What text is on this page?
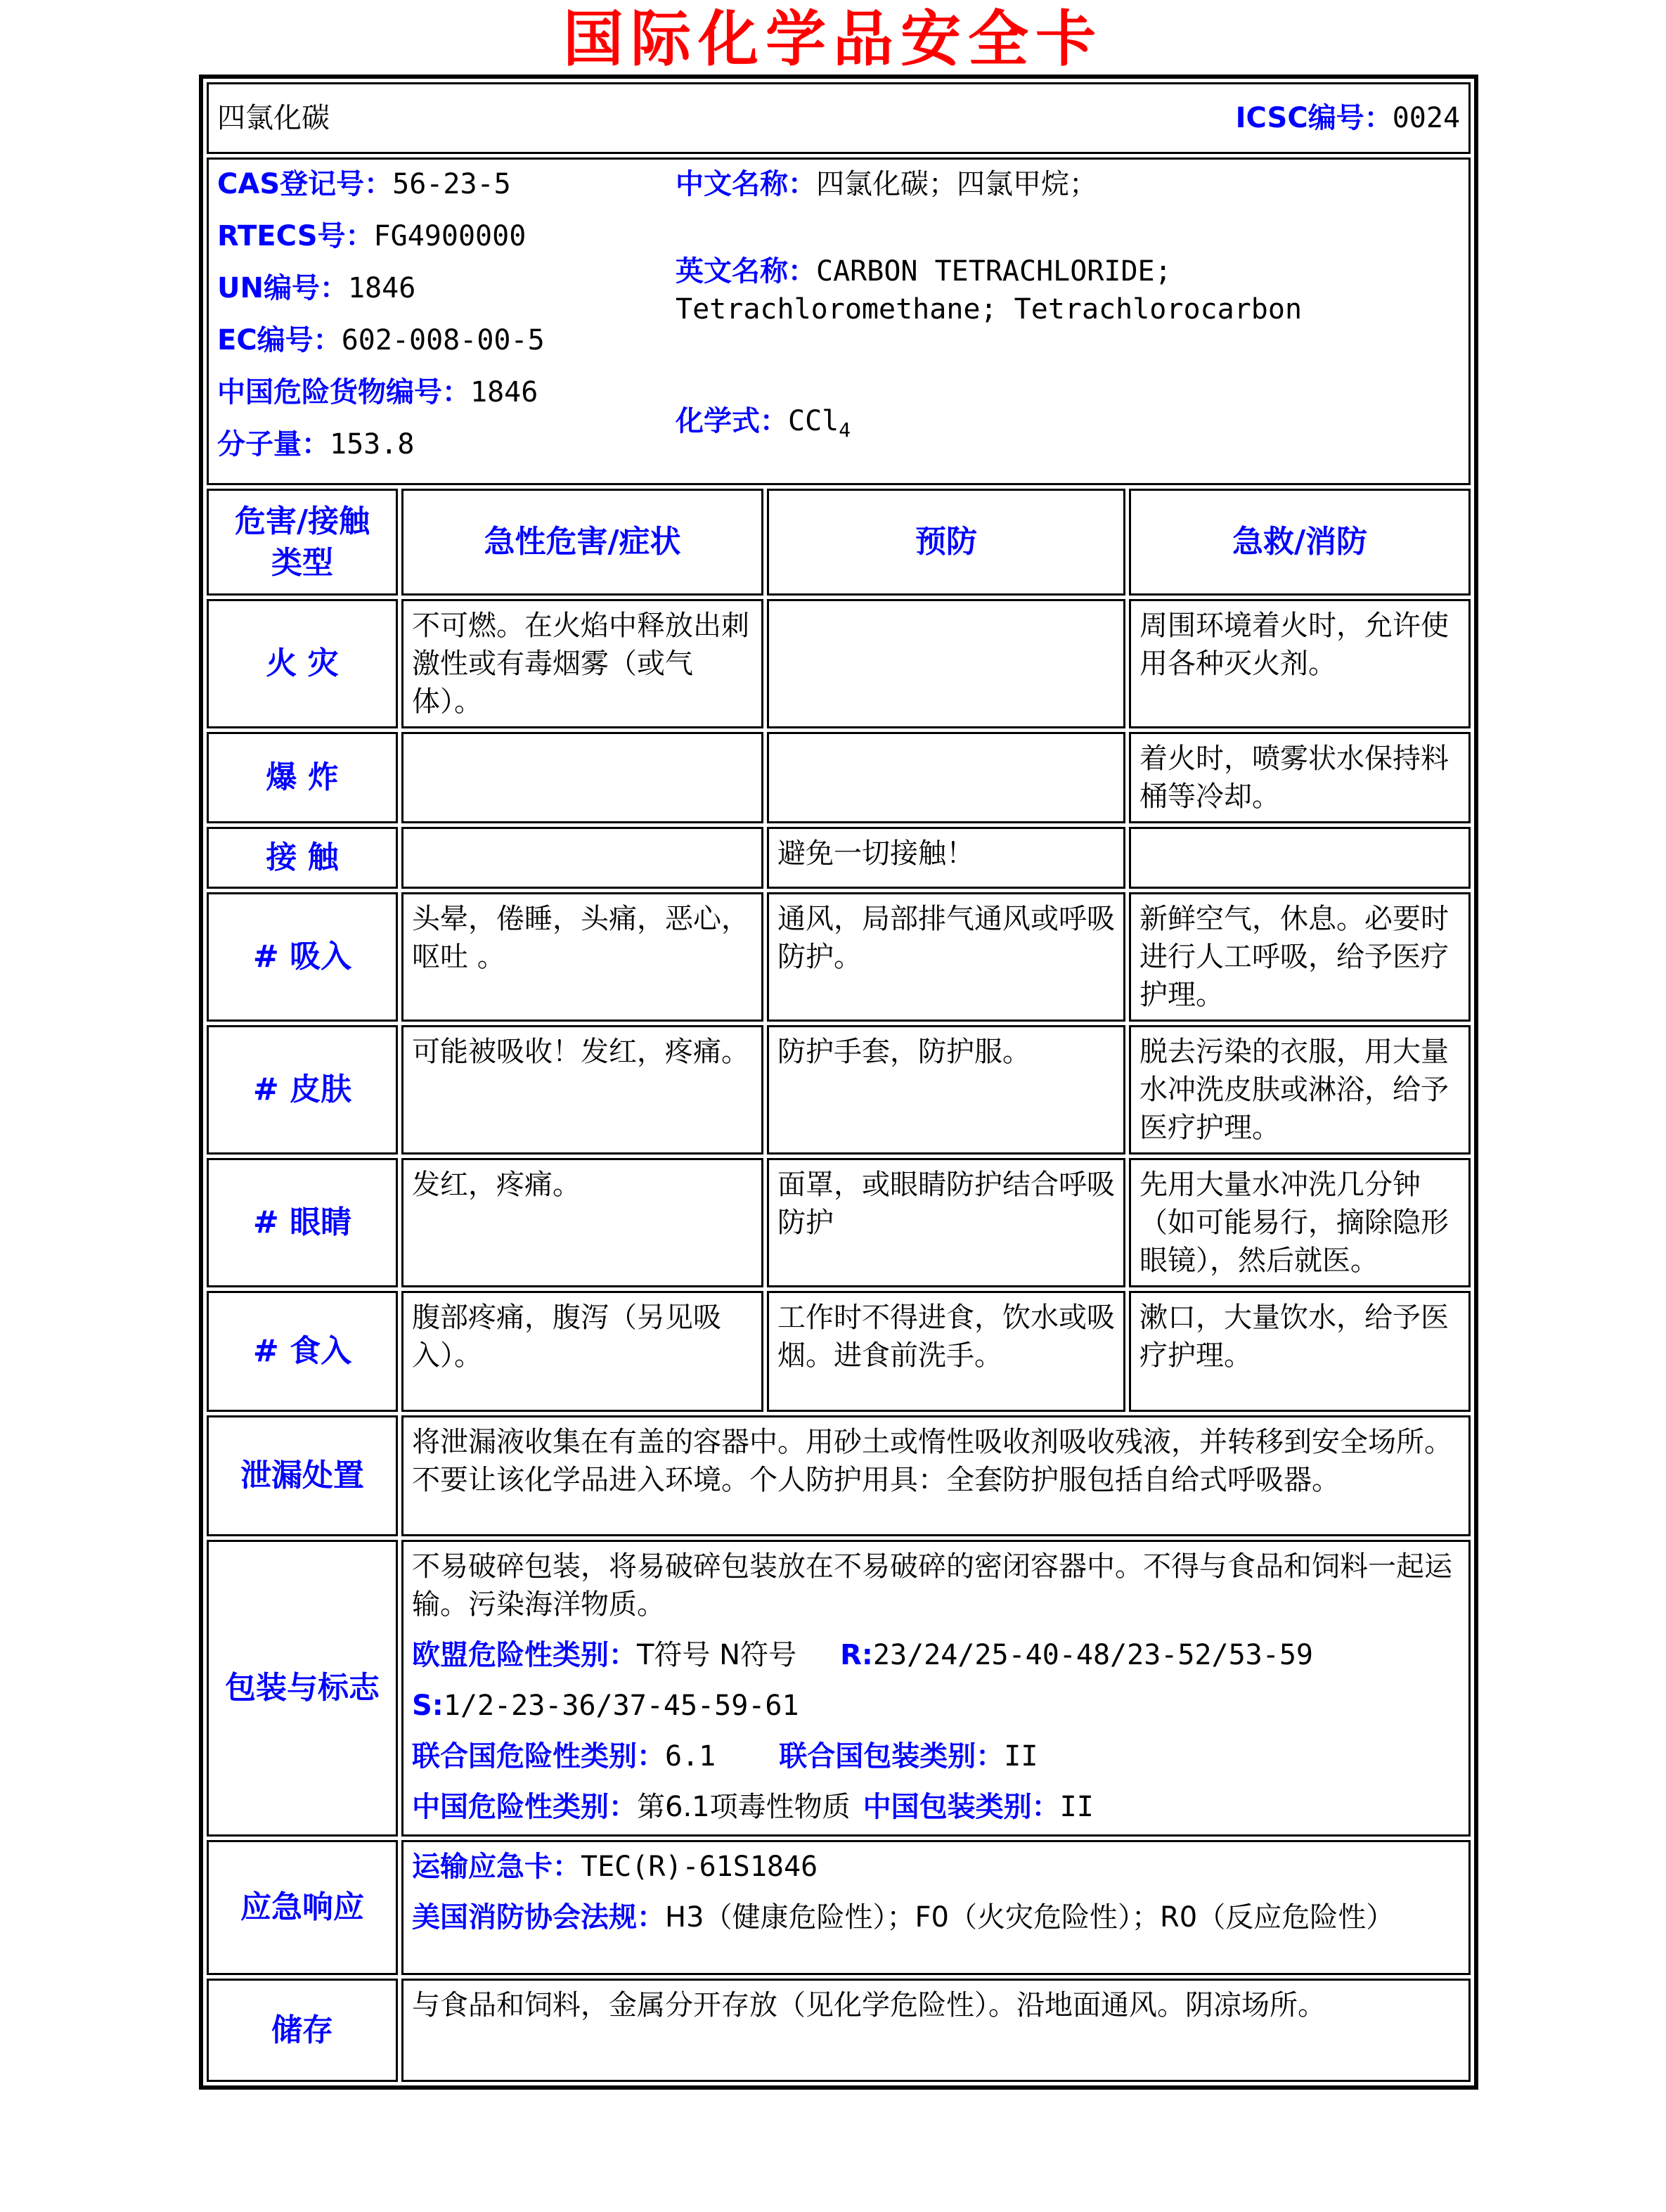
国际化学品安全卡
四氯化碳 ICSC编号：0024			

CAS登记号：56-23-5
RTECS号：FG4900000
UN编号：1846
EC编号：602-008-00-5
中国危险货物编号：1846
分子量：153.8
中文名称：四氯化碳；四氯甲烷；
英文名称：CARBON TETRACHLORIDE; Tetrachloromethane; Tetrachlorocarbon
化学式：CCl$_4$

危害/接触
类型	急性危害/症状	预防	急救/消防
火 灾	不可燃。在火焰中释放出刺激性或有毒烟雾（或气体）。		周围环境着火时，允许使用各种灭火剂。
爆 炸			着火时，喷雾状水保持料桶等冷却。
接 触		避免一切接触！	
# 吸入	头晕，倦睡，头痛，恶心，呕吐 。	通风，局部排气通风或呼吸防护。	新鲜空气，休息。必要时进行人工呼吸，给予医疗护理。
# 皮肤	可能被吸收！发红，疼痛。	防护手套，防护服。	脱去污染的衣服，用大量水冲洗皮肤或淋浴，给予医疗护理。
# 眼睛	发红，疼痛。	面罩，或眼睛防护结合呼吸防护	先用大量水冲洗几分钟（如可能易行，摘除隐形眼镜），然后就医。
# 食入	腹部疼痛，腹泻（另见吸入）。	工作时不得进食，饮水或吸烟。进食前洗手。	漱口，大量饮水，给予医疗护理。
泄漏处置	将泄漏液收集在有盖的容器中。用砂土或惰性吸收剂吸收残液，并转移到安全场所。不要让该化学品进入环境。个人防护用具：全套防护服包括自给式呼吸器。		
包装与标志	不易破碎包装，将易破碎包装放在不易破碎的密闭容器中。不得与食品和饲料一起运输。污染海洋物质。

欧盟危险性类别：T符号 N符号 R:23/24/25-40-48/23-52/53-59

S:1/2-23-36/37-45-59-61

联合国危险性类别：6.1 联合国包装类别：II

中国危险性类别：第6.1项毒性物质 中国包装类别：II		

应急响应	运输应急卡：TEC(R)-61S1846

美国消防协会法规：H3（健康危险性）；F0（火灾危险性）；R0（反应危险性）		

储存	与食品和饲料，金属分开存放（见化学危险性）。沿地面通风。阴凉场所。		
